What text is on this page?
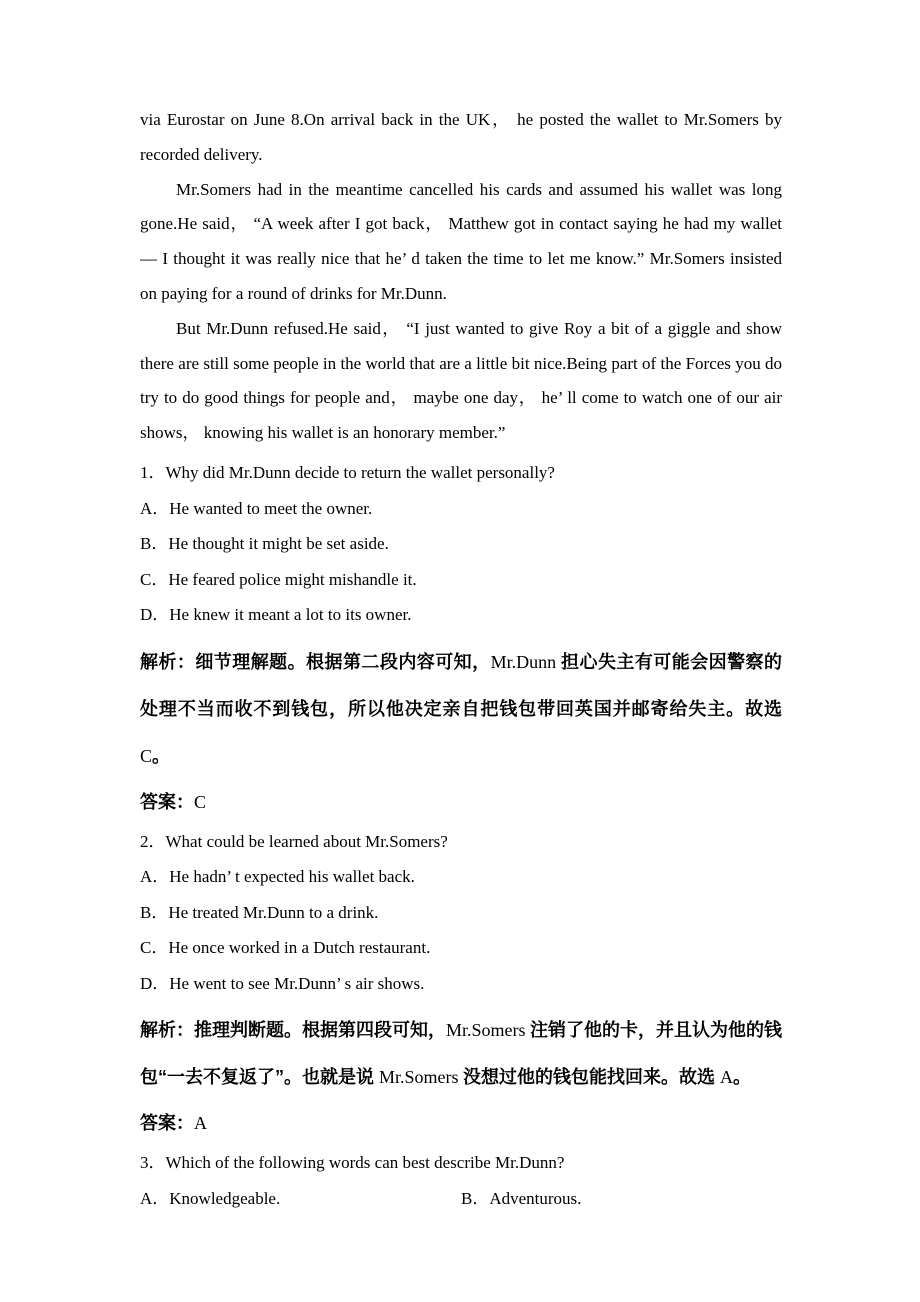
via Eurostar on June 8.On arrival back in the UK， he posted the wallet to Mr.Somers by recorded delivery.

Mr.Somers had in the meantime cancelled his cards and assumed his wallet was long gone.He said， “A week after I got back， Matthew got in contact saying he had my wallet — I thought it was really nice that he’ d taken the time to let me know.” Mr.Somers insisted on paying for a round of drinks for Mr.Dunn.

But Mr.Dunn refused.He said， “I just wanted to give Roy a bit of a giggle and show there are still some people in the world that are a little bit nice.Being part of the Forces you do try to do good things for people and， maybe one day， he’ ll come to watch one of our air shows， knowing his wallet is an honorary member.”

1．Why did Mr.Dunn decide to return the wallet personally?
A．He wanted to meet the owner.
B．He thought it might be set aside.
C．He feared police might mishandle it.
D．He knew it meant a lot to its owner.
解析：细节理解题。根据第二段内容可知，Mr.Dunn 担心失主有可能会因警察的处理不当而收不到钱包，所以他决定亲自把钱包带回英国并邮寄给失主。故选 C。
答案：C
2．What could be learned about Mr.Somers?
A．He hadn’ t expected his wallet back.
B．He treated Mr.Dunn to a drink.
C．He once worked in a Dutch restaurant.
D．He went to see Mr.Dunn’ s air shows.
解析：推理判断题。根据第四段可知，Mr.Somers 注销了他的卡，并且认为他的钱包“一去不复返了”。也就是说 Mr.Somers 没想过他的钱包能找回来。故选 A。
答案：A
3．Which of the following words can best describe Mr.Dunn?
A．Knowledgeable.	B．Adventurous.
